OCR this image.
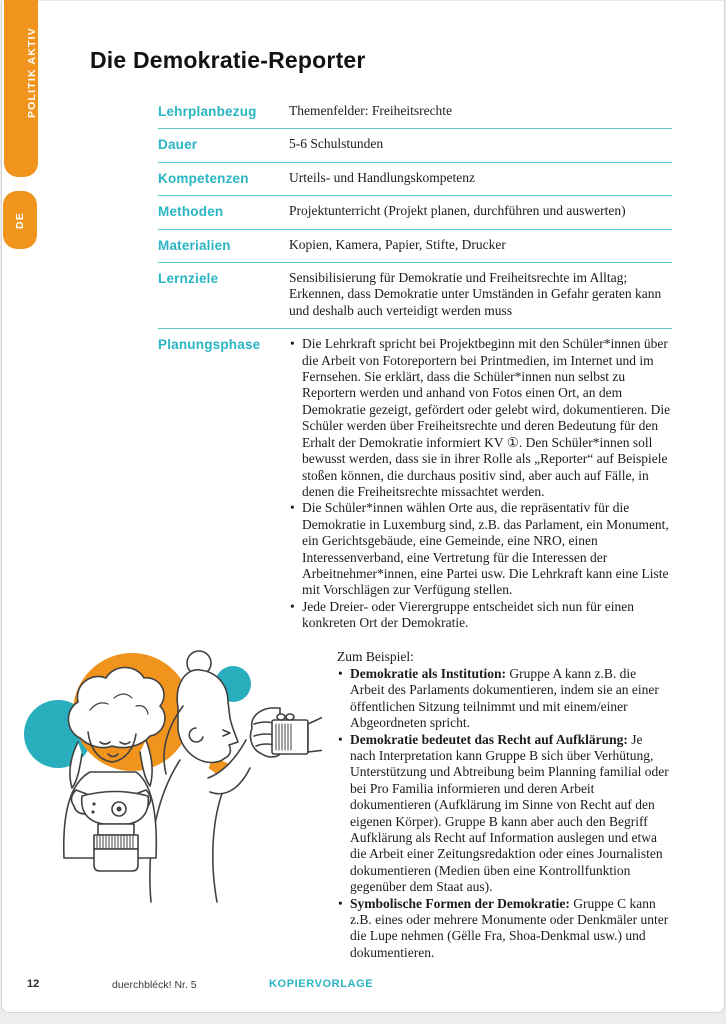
POLITIK AKTIV
DE
Die Demokratie-Reporter
Lehrplanbezug	Themenfelder: Freiheitsrechte
Dauer	5-6 Schulstunden
Kompetenzen	Urteils- und Handlungskompetenz
Methoden	Projektunterricht (Projekt planen, durchführen und auswerten)
Materialien	Kopien, Kamera, Papier, Stifte, Drucker
Lernziele	Sensibilisierung für Demokratie und Freiheitsrechte im Alltag; Erkennen, dass Demokratie unter Umständen in Gefahr geraten kann und deshalb auch verteidigt werden muss
Planungsphase	• Die Lehrkraft spricht bei Projektbeginn mit den Schüler*innen über die Arbeit von Fotoreportern bei Printmedien, im Internet und im Fernsehen. Sie erklärt, dass die Schüler*innen nun selbst zu Reportern werden und anhand von Fotos einen Ort, an dem Demokratie gezeigt, gefördert oder gelebt wird, dokumentieren. Die Schüler werden über Freiheitsrechte und deren Bedeutung für den Erhalt der Demokratie informiert KV ①. Den Schüler*innen soll bewusst werden, dass sie in ihrer Rolle als „Reporter“ auf Beispiele stoßen können, die durchaus positiv sind, aber auch auf Fälle, in denen die Freiheitsrechte missachtet werden.
• Die Schüler*innen wählen Orte aus, die repräsentativ für die Demokratie in Luxemburg sind, z.B. das Parlament, ein Monument, ein Gerichtsgebäude, eine Gemeinde, eine NRO, einen Interessenverband, eine Vertretung für die Interessen der Arbeitnehmer*innen, eine Partei usw. Die Lehrkraft kann eine Liste mit Vorschlägen zur Verfügung stellen.
• Jede Dreier- oder Vierergruppe entscheidet sich nun für einen konkreten Ort der Demokratie.
Zum Beispiel:
• Demokratie als Institution: Gruppe A kann z.B. die Arbeit des Parlaments dokumentieren, indem sie an einer öffentlichen Sitzung teilnimmt und mit einem/einer Abgeordneten spricht.
• Demokratie bedeutet das Recht auf Aufklärung: Je nach Interpretation kann Gruppe B sich über Verhütung, Unterstützung und Abtreibung beim Planning familial oder bei Pro Familia informieren und deren Arbeit dokumentieren (Aufklärung im Sinne von Recht auf den eigenen Körper). Gruppe B kann aber auch den Begriff Aufklärung als Recht auf Information auslegen und etwa die Arbeit einer Zeitungsredaktion oder eines Journalisten dokumentieren (Medien üben eine Kontrollfunktion gegenüber dem Staat aus).
• Symbolische Formen der Demokratie: Gruppe C kann z.B. eines oder mehrere Monumente oder Denkmäler unter die Lupe nehmen (Gëlle Fra, Shoa-Denkmal usw.) und dokumentieren.
12	duerchbléck! Nr. 5	KOPIERVORLAGE
